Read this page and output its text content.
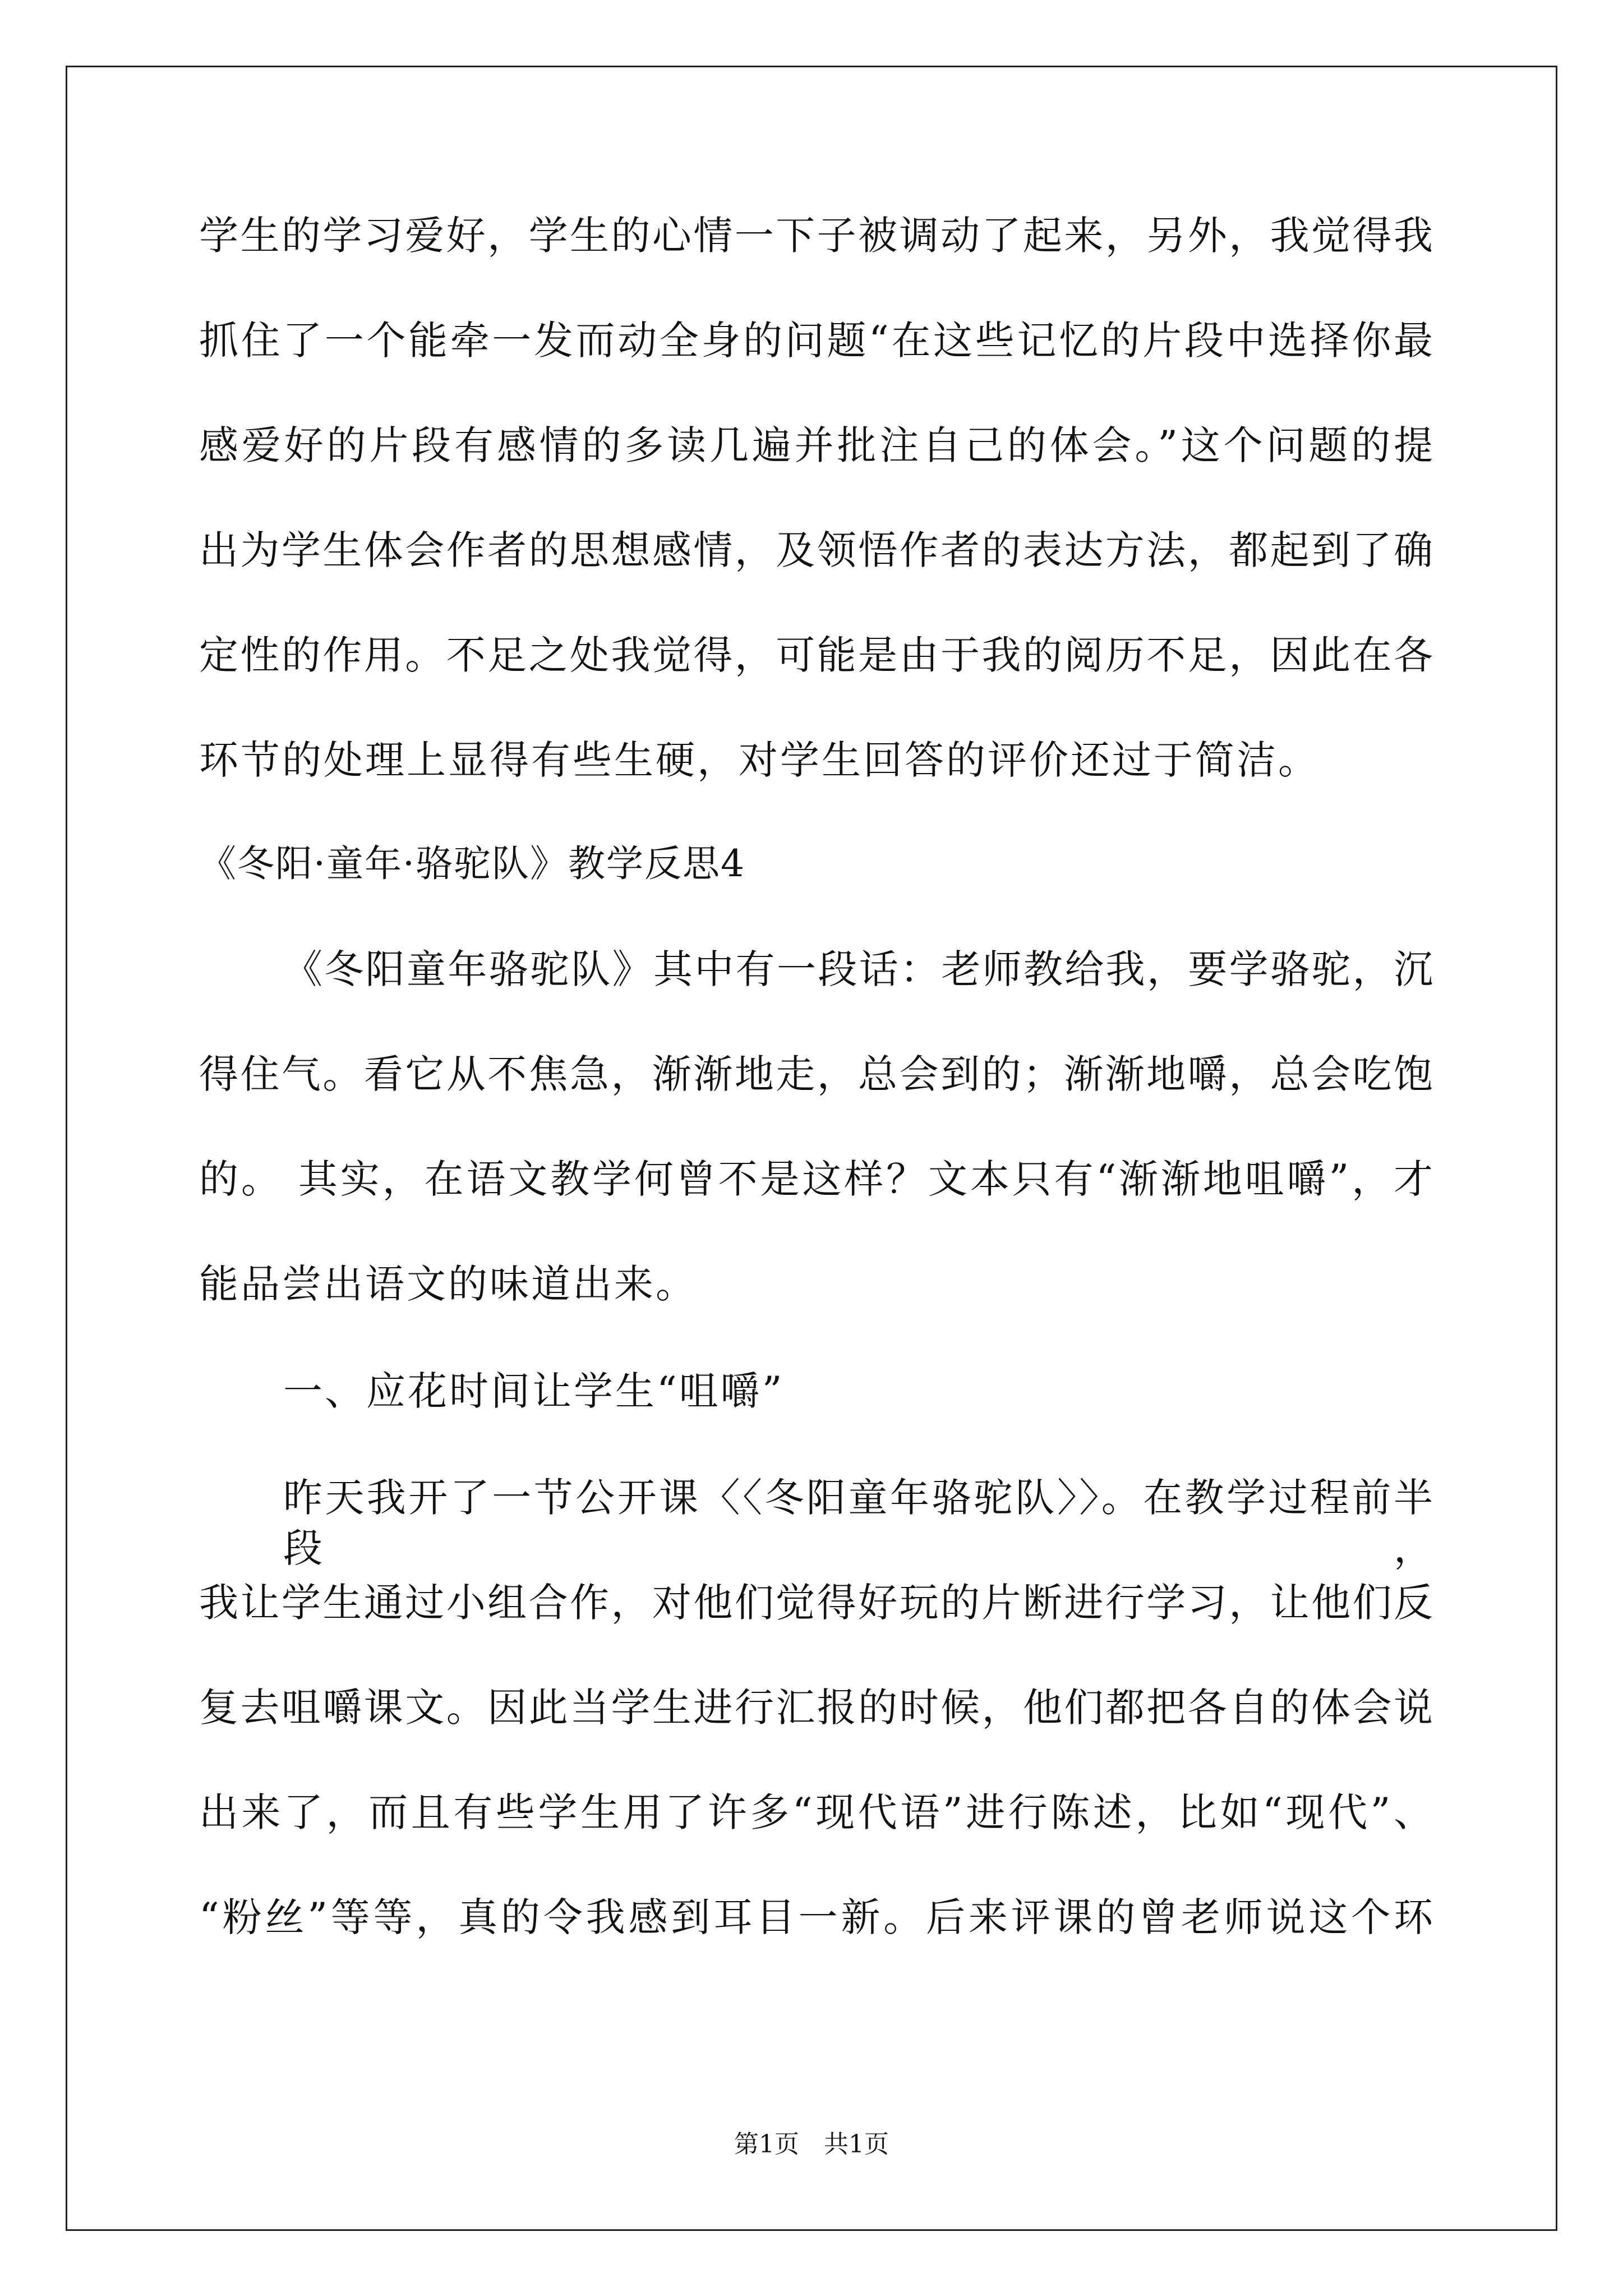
学生的学习爱好，学生的心情一下子被调动了起来，另外，我觉得我
抓住了一个能牵一发而动全身的问题“在这些记忆的片段中选择你最
感爱好的片段有感情的多读几遍并批注自己的体会。”这个问题的提
出为学生体会作者的思想感情，及领悟作者的表达方法，都起到了确
定性的作用。不足之处我觉得，可能是由于我的阅历不足，因此在各
环节的处理上显得有些生硬，对学生回答的评价还过于简洁。
《冬阳·童年·骆驼队》教学反思4
《冬阳童年骆驼队》其中有一段话：老师教给我，要学骆驼，沉
得住气。看它从不焦急，渐渐地走，总会到的；渐渐地嚼，总会吃饱
的。 其实，在语文教学何曾不是这样？文本只有“渐渐地咀嚼”，才
能品尝出语文的味道出来。
一、应花时间让学生“咀嚼”
昨天我开了一节公开课〈〈冬阳童年骆驼队〉〉。在教学过程前半段，
我让学生通过小组合作，对他们觉得好玩的片断进行学习，让他们反
复去咀嚼课文。因此当学生进行汇报的时候，他们都把各自的体会说
出来了，而且有些学生用了许多“现代语”进行陈述，比如“现代”、
“粉丝”等等，真的令我感到耳目一新。后来评课的曾老师说这个环
第1页　共1页
